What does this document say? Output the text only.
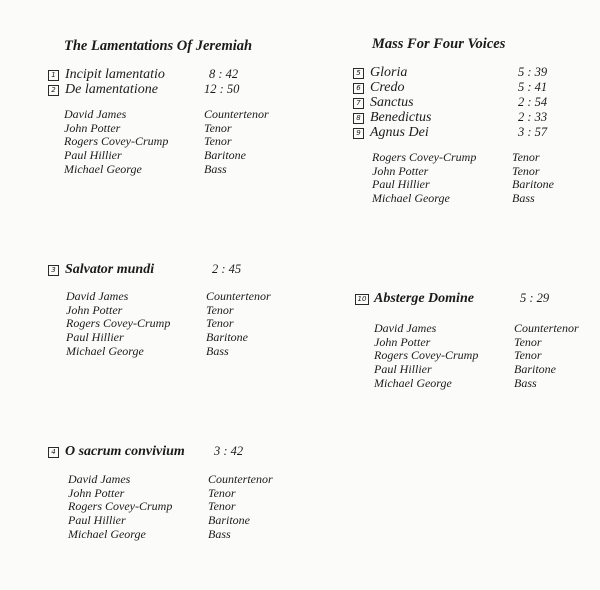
The Lamentations Of Jeremiah
1 Incipit lamentatio	8 : 42
2 De lamentatione	12 : 50
David James	Countertenor
John Potter	Tenor
Rogers Covey-Crump	Tenor
Paul Hillier	Baritone
Michael George	Bass
3 Salvator mundi	2 : 45
David James	Countertenor
John Potter	Tenor
Rogers Covey-Crump	Tenor
Paul Hillier	Baritone
Michael George	Bass
4 O sacrum convivium 3 : 42
David James	Countertenor
John Potter	Tenor
Rogers Covey-Crump	Tenor
Paul Hillier	Baritone
Michael George	Bass
Mass For Four Voices
5 Gloria	5 : 39
6 Credo	5 : 41
7 Sanctus	2 : 54
8 Benedictus	2 : 33
9 Agnus Dei	3 : 57
Rogers Covey-Crump	Tenor
John Potter	Tenor
Paul Hillier	Baritone
Michael George	Bass
10 Absterge Domine	5 : 29
David James	Countertenor
John Potter	Tenor
Rogers Covey-Crump	Tenor
Paul Hillier	Baritone
Michael George	Bass
